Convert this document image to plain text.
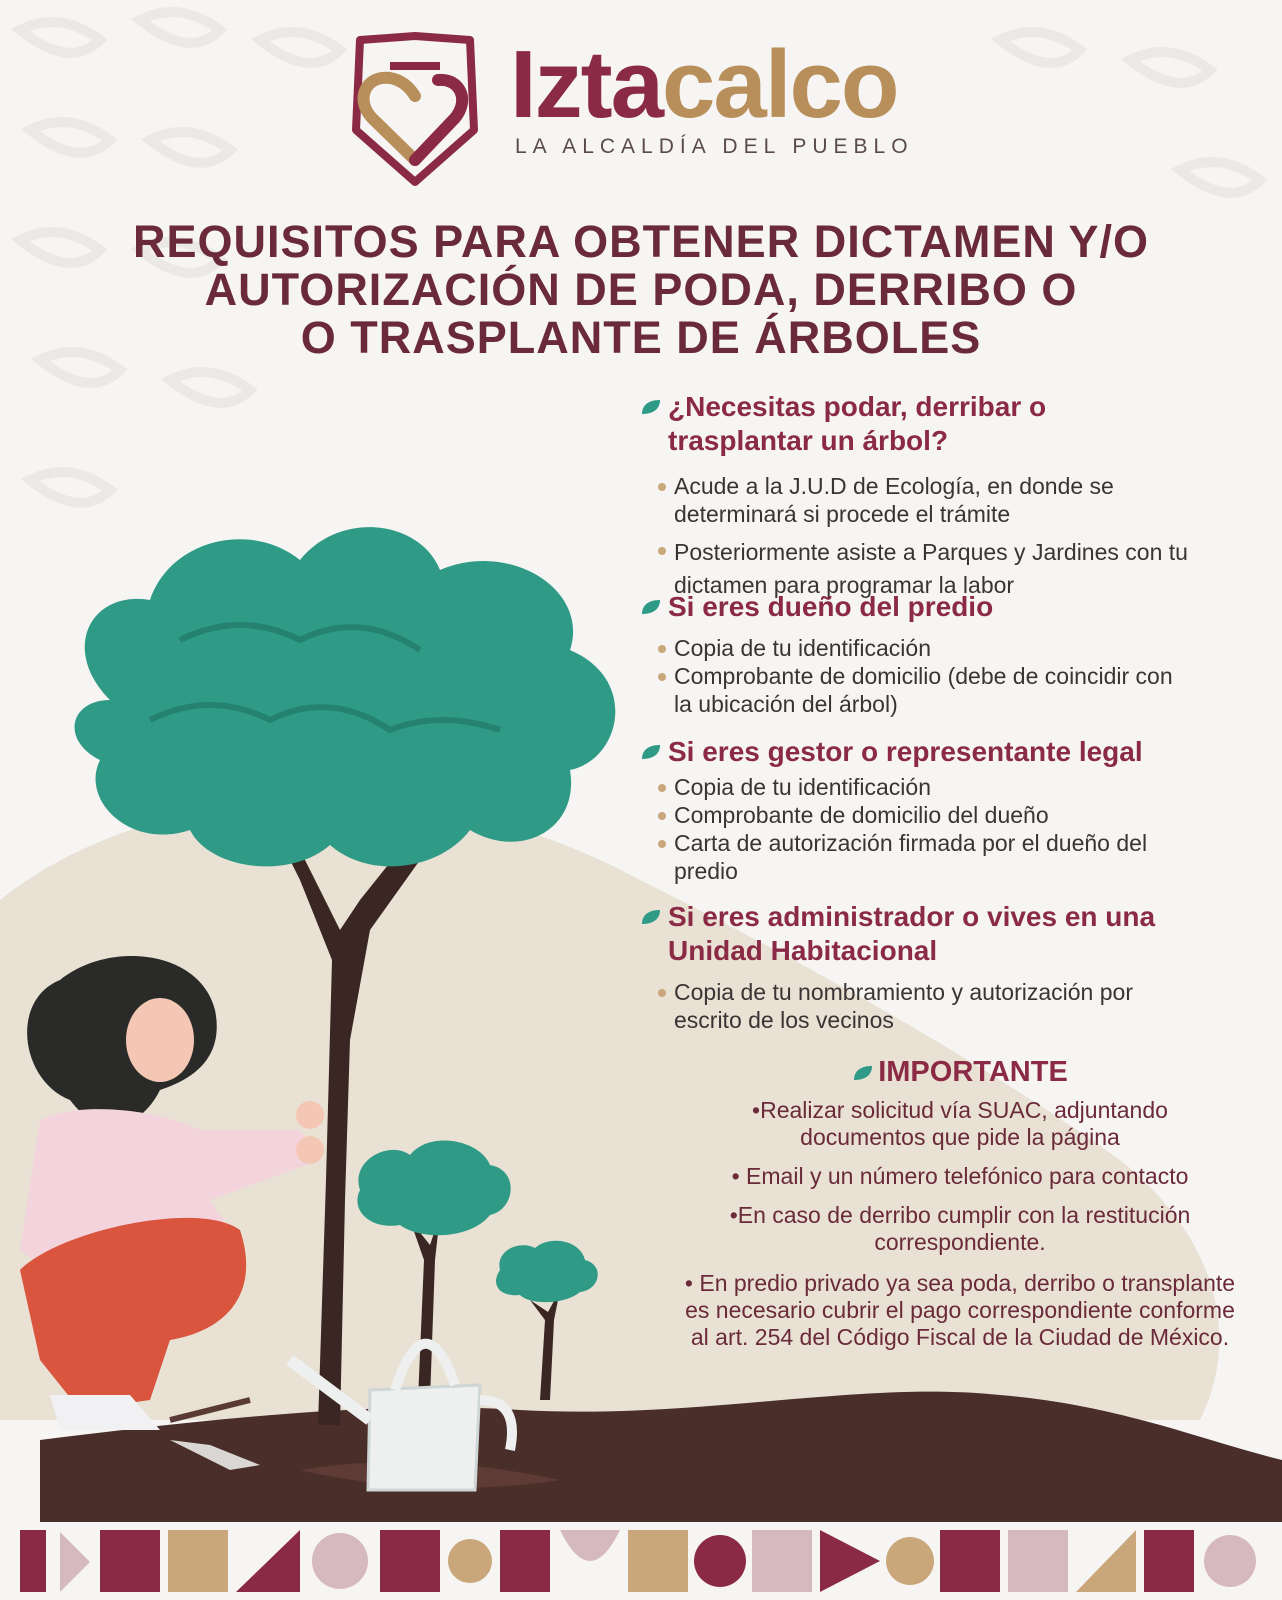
Iztacalco
LA ALCALDÍA DEL PUEBLO
REQUISITOS PARA OBTENER DICTAMEN Y/O
AUTORIZACIÓN DE PODA, DERRIBO O
O TRASPLANTE DE ÁRBOLES
¿Necesitas podar, derribar o trasplantar un árbol?
Acude a la J.U.D de Ecología, en donde se determinará si procede el trámite
Posteriormente asiste a Parques y Jardines con tu dictamen para programar la labor
Si eres dueño del predio
Copia de tu identificación
Comprobante de domicilio (debe de coincidir con la ubicación del árbol)
Si eres gestor o representante legal
Copia de tu identificación
Comprobante de domicilio del dueño
Carta de autorización firmada por el dueño del predio
Si eres administrador o vives en una Unidad Habitacional
Copia de tu nombramiento y autorización por escrito de los vecinos
IMPORTANTE
•Realizar solicitud vía SUAC, adjuntando documentos que pide la página
• Email y un número telefónico para contacto
•En caso de derribo cumplir con la restitución correspondiente.
• En predio privado ya sea poda, derribo o transplante es necesario cubrir el pago correspondiente conforme al art. 254 del Código Fiscal de la Ciudad de México.
